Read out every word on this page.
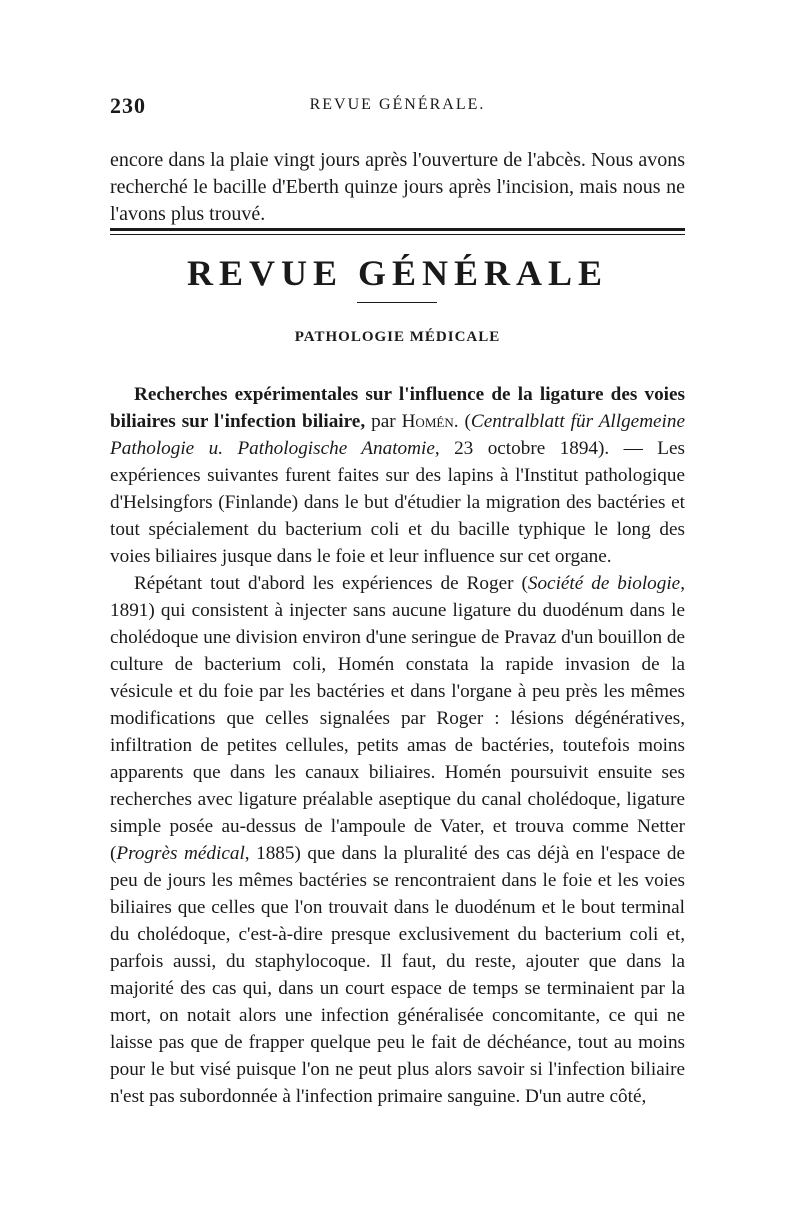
230	REVUE GÉNÉRALE.

encore dans la plaie vingt jours après l'ouverture de l'abcès. Nous avons recherché le bacille d'Eberth quinze jours après l'incision, mais nous ne l'avons plus trouvé.

REVUE GÉNÉRALE
PATHOLOGIE MÉDICALE

Recherches expérimentales sur l'influence de la ligature des voies biliaires sur l'infection biliaire, par Homén. (Centralblatt für Allgemeine Pathologie u. Pathologische Anatomie, 23 octobre 1894). — Les expériences suivantes furent faites sur des lapins à l'Institut pathologique d'Helsingfors (Finlande) dans le but d'étudier la migration des bactéries et tout spécialement du bacterium coli et du bacille typhique le long des voies biliaires jusque dans le foie et leur influence sur cet organe.

Répétant tout d'abord les expériences de Roger (Société de biologie, 1891) qui consistent à injecter sans aucune ligature du duodénum dans le cholédoque une division environ d'une seringue de Pravaz d'un bouillon de culture de bacterium coli, Homén constata la rapide invasion de la vésicule et du foie par les bactéries et dans l'organe à peu près les mêmes modifications que celles signalées par Roger : lésions dégénératives, infiltration de petites cellules, petits amas de bactéries, toutefois moins apparents que dans les canaux biliaires. Homén poursuivit ensuite ses recherches avec ligature préalable aseptique du canal cholédoque, ligature simple posée au-dessus de l'ampoule de Vater, et trouva comme Netter (Progrès médical, 1885) que dans la pluralité des cas déjà en l'espace de peu de jours les mêmes bactéries se rencontraient dans le foie et les voies biliaires que celles que l'on trouvait dans le duodénum et le bout terminal du cholédoque, c'est-à-dire presque exclusivement du bacterium coli et, parfois aussi, du staphylocoque. Il faut, du reste, ajouter que dans la majorité des cas qui, dans un court espace de temps se terminaient par la mort, on notait alors une infection généralisée concomitante, ce qui ne laisse pas que de frapper quelque peu le fait de déchéance, tout au moins pour le but visé puisque l'on ne peut plus alors savoir si l'infection biliaire n'est pas subordonnée à l'infection primaire sanguine. D'un autre côté,
